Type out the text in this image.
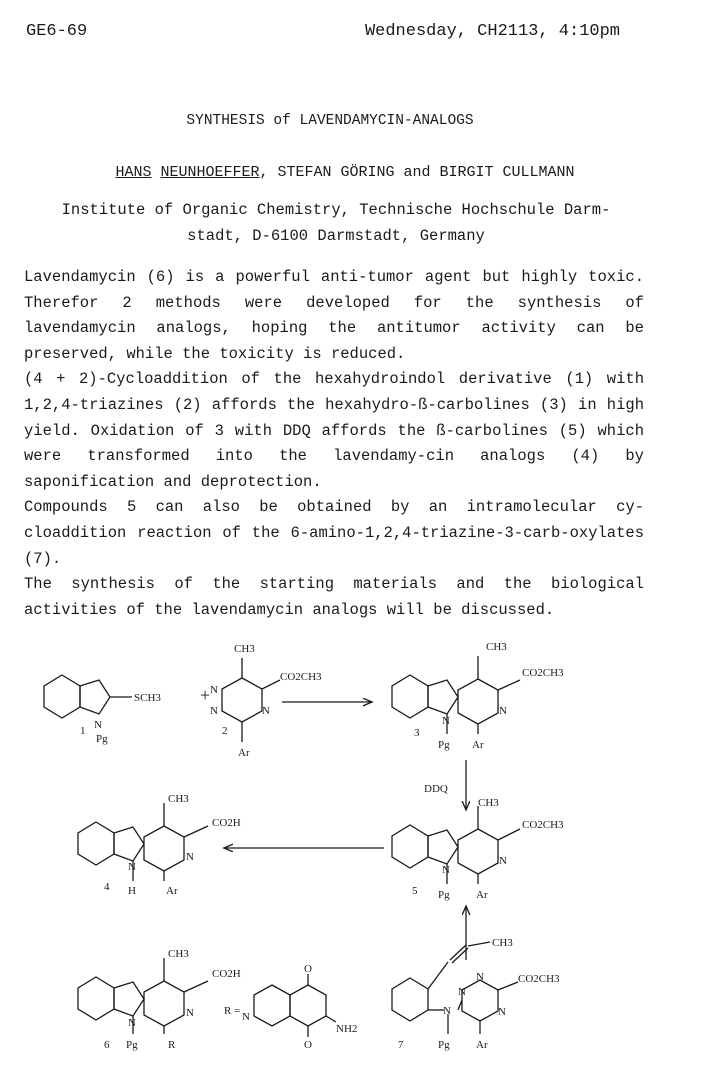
GE6-69	Wednesday, CH2113, 4:10pm
SYNTHESIS of LAVENDAMYCIN-ANALOGS
HANS NEUNHOEFFER, STEFAN GÖRING and BIRGIT CULLMANN
Institute of Organic Chemistry, Technische Hochschule Darm-
stadt, D-6100 Darmstadt, Germany

Lavendamycin (6) is a powerful anti-tumor agent but highly toxic. Therefor 2 methods were developed for the synthesis of lavendamycin analogs, hoping the antitumor activity can be preserved, while the toxicity is reduced.

(4 + 2)-Cycloaddition of the hexahydroindol derivative (1) with 1,2,4-triazines (2) affords the hexahydro-ß-carbolines (3) in high yield. Oxidation of 3 with DDQ affords the ß-carbolines (5) which were transformed into the lavendamy-cin analogs (4) by saponification and deprotection.

Compounds 5 can also be obtained by an intramolecular cy-cloaddition reaction of the 6-amino-1,2,4-triazine-3-carb-oxylates (7).

The synthesis of the starting materials and the biological activities of the lavendamycin analogs will be discussed.

N
Pg
SCH3 +
CH3
CO2CH3
N
N	N
Ar
CH3
CO2CH3
N
N
Pg Ar
DDQ
CH3
CO2H
N
N
H	Ar
CH3
CO2CH3
N
N
Pg Ar
CH3
CO2H
N
N
Pg	R
R = N
O
O
NH2
CH3
CO2CH3
N
N
N
N
Pg Ar
1	2	3
4	5
6	7
